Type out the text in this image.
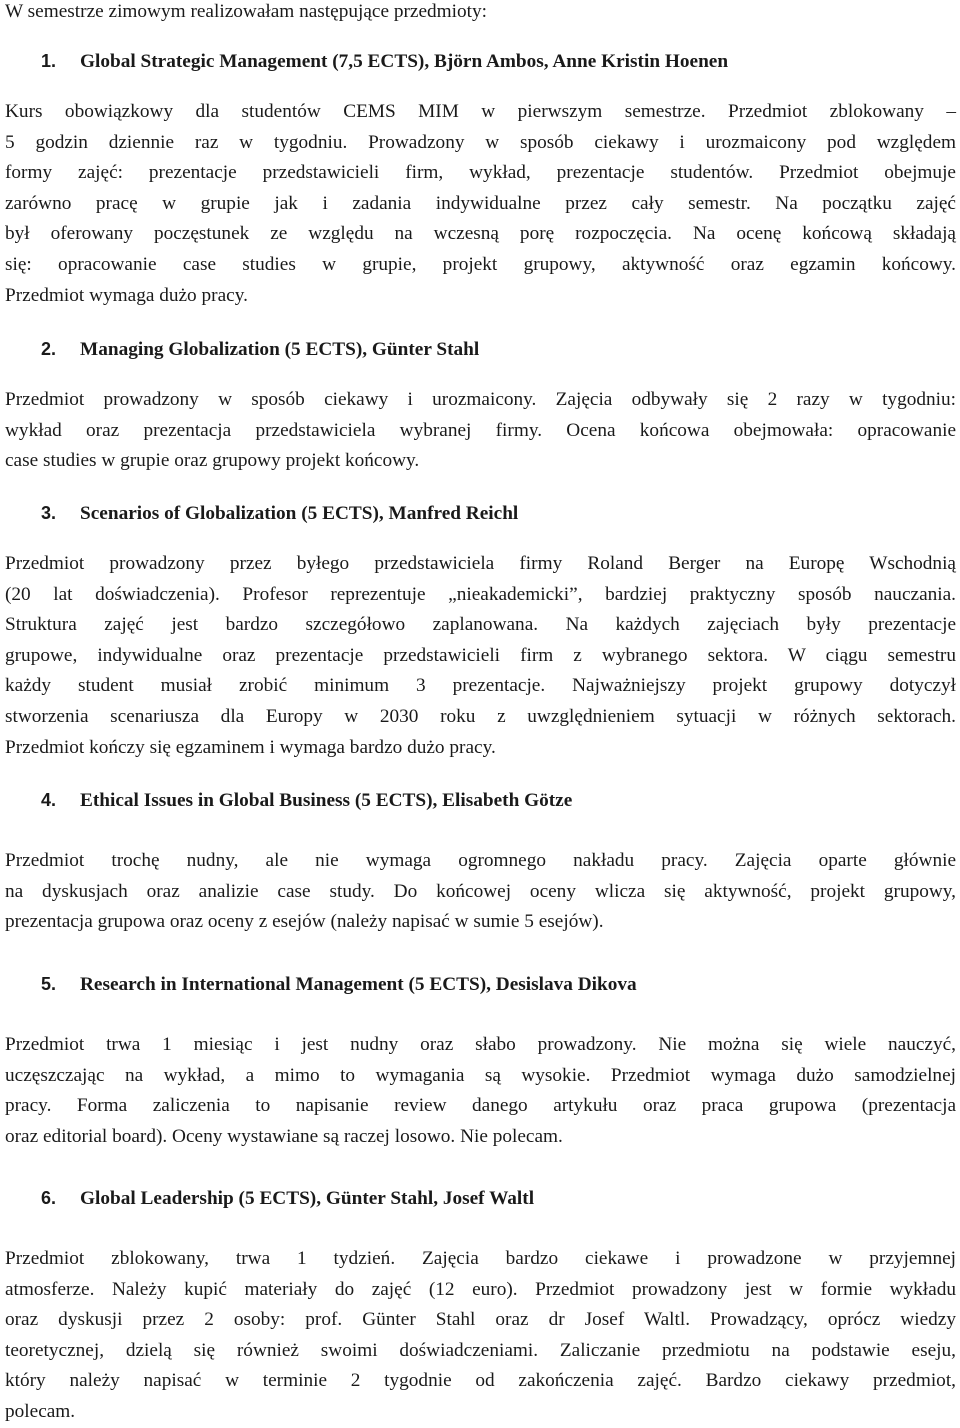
W semestrze zimowym realizowałam następujące przedmioty:
1. Global Strategic Management (7,5 ECTS), Björn Ambos, Anne Kristin Hoenen
Kurs obowiązkowy dla studentów CEMS MIM w pierwszym semestrze. Przedmiot zblokowany –
5 godzin dziennie raz w tygodniu. Prowadzony w sposób ciekawy i urozmaicony pod względem
formy zajęć: prezentacje przedstawicieli firm, wykład, prezentacje studentów. Przedmiot obejmuje
zarówno pracę w grupie jak i zadania indywidualne przez cały semestr. Na początku zajęć
był oferowany poczęstunek ze względu na wczesną porę rozpoczęcia. Na ocenę końcową składają
się: opracowanie case studies w grupie, projekt grupowy, aktywność oraz egzamin końcowy.
Przedmiot wymaga dużo pracy.
2. Managing Globalization (5 ECTS), Günter Stahl
Przedmiot prowadzony w sposób ciekawy i urozmaicony. Zajęcia odbywały się 2 razy w tygodniu:
wykład oraz prezentacja przedstawiciela wybranej firmy. Ocena końcowa obejmowała: opracowanie
case studies w grupie oraz grupowy projekt końcowy.
3. Scenarios of Globalization (5 ECTS), Manfred Reichl
Przedmiot prowadzony przez byłego przedstawiciela firmy Roland Berger na Europę Wschodnią
(20 lat doświadczenia). Profesor reprezentuje „nieakademicki”, bardziej praktyczny sposób nauczania.
Struktura zajęć jest bardzo szczegółowo zaplanowana. Na każdych zajęciach były prezentacje
grupowe, indywidualne oraz prezentacje przedstawicieli firm z wybranego sektora. W ciągu semestru
każdy student musiał zrobić minimum 3 prezentacje. Najważniejszy projekt grupowy dotyczył
stworzenia scenariusza dla Europy w 2030 roku z uwzględnieniem sytuacji w różnych sektorach.
Przedmiot kończy się egzaminem i wymaga bardzo dużo pracy.
4. Ethical Issues in Global Business (5 ECTS), Elisabeth Götze
Przedmiot trochę nudny, ale nie wymaga ogromnego nakładu pracy. Zajęcia oparte głównie
na dyskusjach oraz analizie case study. Do końcowej oceny wlicza się aktywność, projekt grupowy,
prezentacja grupowa oraz oceny z esejów (należy napisać w sumie 5 esejów).
5. Research in International Management (5 ECTS), Desislava Dikova
Przedmiot trwa 1 miesiąc i jest nudny oraz słabo prowadzony. Nie można się wiele nauczyć,
uczęszczając na wykład, a mimo to wymagania są wysokie. Przedmiot wymaga dużo samodzielnej
pracy. Forma zaliczenia to napisanie review danego artykułu oraz praca grupowa (prezentacja
oraz editorial board). Oceny wystawiane są raczej losowo. Nie polecam.
6. Global Leadership (5 ECTS), Günter Stahl, Josef Waltl
Przedmiot zblokowany, trwa 1 tydzień. Zajęcia bardzo ciekawe i prowadzone w przyjemnej
atmosferze. Należy kupić materiały do zajęć (12 euro). Przedmiot prowadzony jest w formie wykładu
oraz dyskusji przez 2 osoby: prof. Günter Stahl oraz dr Josef Waltl. Prowadzący, oprócz wiedzy
teoretycznej, dzielą się również swoimi doświadczeniami. Zaliczanie przedmiotu na podstawie eseju,
który należy napisać w terminie 2 tygodnie od zakończenia zajęć. Bardzo ciekawy przedmiot,
polecam.
